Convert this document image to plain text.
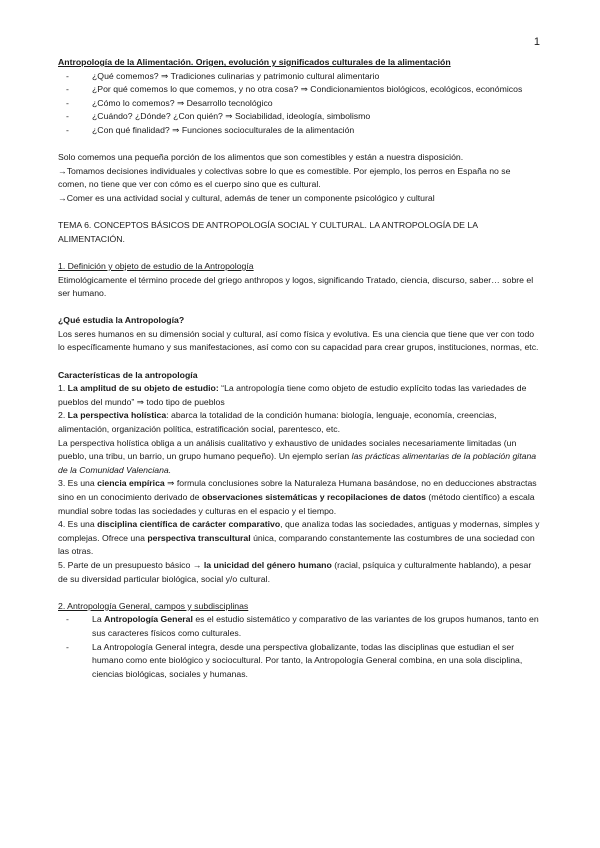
1

Antropología de la Alimentación. Origen, evolución y significados culturales de la alimentación

- ¿Qué comemos? ⇒ Tradiciones culinarias y patrimonio cultural alimentario
- ¿Por qué comemos lo que comemos, y no otra cosa? ⇒ Condicionamientos biológicos, ecológicos, económicos
- ¿Cómo lo comemos? ⇒ Desarrollo tecnológico
- ¿Cuándo? ¿Dónde? ¿Con quién? ⇒ Sociabilidad, ideología, simbolismo
- ¿Con qué finalidad? ⇒ Funciones socioculturales de la alimentación

Solo comemos una pequeña porción de los alimentos que son comestibles y están a nuestra disposición.

→Tomamos decisiones individuales y colectivas sobre lo que es comestible. Por ejemplo, los perros en España no se comen, no tiene que ver con cómo es el cuerpo sino que es cultural.

→Comer es una actividad social y cultural, además de tener un componente psicológico y cultural

TEMA 6. CONCEPTOS BÁSICOS DE ANTROPOLOGÍA SOCIAL Y CULTURAL. LA ANTROPOLOGÍA DE LA ALIMENTACIÓN.

1. Definición y objeto de estudio de la Antropología

Etimológicamente el término procede del griego anthropos y logos, significando Tratado, ciencia, discurso, saber… sobre el ser humano.

¿Qué estudia la Antropología?

Los seres humanos en su dimensión social y cultural, así como física y evolutiva. Es una ciencia que tiene que ver con todo lo específicamente humano y sus manifestaciones, así como con su capacidad para crear grupos, instituciones, normas, etc.

Características de la antropología

1. La amplitud de su objeto de estudio: “La antropología tiene como objeto de estudio explícito todas las variedades de pueblos del mundo” ⇒ todo tipo de pueblos

2. La perspectiva holística: abarca la totalidad de la condición humana: biología, lenguaje, economía, creencias, alimentación, organización política, estratificación social, parentesco, etc.

La perspectiva holística obliga a un análisis cualitativo y exhaustivo de unidades sociales necesariamente limitadas (un pueblo, una tribu, un barrio, un grupo humano pequeño). Un ejemplo serían las prácticas alimentarias de la población gitana de la Comunidad Valenciana.

3. Es una ciencia empírica ⇒ formula conclusiones sobre la Naturaleza Humana basándose, no en deducciones abstractas sino en un conocimiento derivado de observaciones sistemáticas y recopilaciones de datos (método científico) a escala mundial sobre todas las sociedades y culturas en el espacio y el tiempo.

4. Es una disciplina científica de carácter comparativo, que analiza todas las sociedades, antiguas y modernas, simples y complejas. Ofrece una perspectiva transcultural única, comparando constantemente las costumbres de una sociedad con las otras.

5. Parte de un presupuesto básico → la unicidad del género humano (racial, psíquica y culturalmente hablando), a pesar de su diversidad particular biológica, social y/o cultural.

2. Antropología General, campos y subdisciplinas

- La Antropología General es el estudio sistemático y comparativo de las variantes de los grupos humanos, tanto en sus caracteres físicos como culturales.
- La Antropología General integra, desde una perspectiva globalizante, todas las disciplinas que estudian el ser humano como ente biológico y sociocultural. Por tanto, la Antropología General combina, en una sola disciplina, ciencias biológicas, sociales y humanas.
